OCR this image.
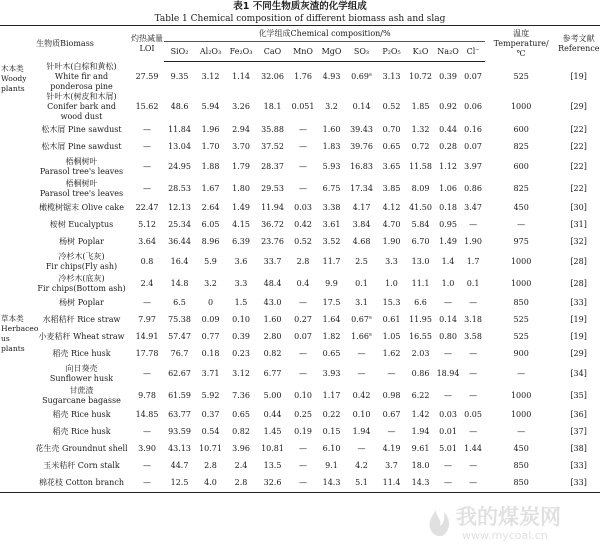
表1 不同生物质灰渣的化学组成
Table 1 Chemical composition of different biomass ash and slag
生物质Biomass		灼热减量
LOI	化学组成Chemical composition/%											温度
Temperature/
℃	参考文献
Reference

			SiO₂	Al₂O₃	Fe₂O₃	CaO	MnO	MgO	SO₃	P₂O₅	K₂O	Na₂O	Cl⁻		

木本类
Woody
plants	针叶木(白棕和黄松)
White fir and
ponderosa pine	27.59	9.35	3.12	1.14	32.06	1.76	4.93	0.69$^a$	3.13	10.72	0.39	0.07	525	[19]

	针叶木(树皮和木屑)
Conifer bark and
wood dust	15.62	48.6	5.94	3.26	18.1	0.051	3.2	0.14	0.52	1.85	0.92	0.06	1000	[29]

	松木屑 Pine sawdust	—	11.84	1.96	2.94	35.88	—	1.60	39.43	0.70	1.32	0.44	0.16	600	[22]

	松木屑 Pine sawdust	—	13.04	1.70	3.70	37.52	—	1.83	39.76	0.65	0.72	0.28	0.07	825	[22]

	梧桐树叶
Parasol tree's leaves	—	24.95	1.88	1.79	28.37	—	5.93	16.83	3.65	11.58	1.12	3.97	600	[22]

	梧桐树叶
Parasol tree's leaves	—	28.53	1.67	1.80	29.53	—	6.75	17.34	3.85	8.09	1.06	0.86	825	[22]

	橄榄树锯末 Olive cake	22.47	12.13	2.64	1.49	11.94	0.03	3.38	4.17	4.12	41.50	0.18	3.47	450	[30]

	桉树 Eucalyptus	5.12	25.34	6.05	4.15	36.72	0.42	3.61	3.84	4.70	5.84	0.95	—	—	[31]

	杨树 Poplar	3.64	36.44	8.96	6.39	23.76	0.52	3.52	4.68	1.90	6.70	1.49	1.90	975	[32]

	冷杉木(飞灰)
Fir chips(Fly ash)	0.8	16.4	5.9	3.6	33.7	2.8	11.7	2.5	3.3	13.0	1.4	1.7	1000	[28]

	冷杉木(底灰)
Fir chips(Bottom ash)	2.4	14.8	3.2	3.3	48.4	0.4	9.9	0.1	1.0	11.1	1.0	0.1	1000	[28]

	杨树 Poplar	—	6.5	0	1.5	43.0	—	17.5	3.1	15.3	6.6	—	—	850	[33]

草本类
Herbaceo
us plants	水稻秸秆 Rice straw	7.97	75.38	0.09	0.10	1.60	0.27	1.64	0.67$^a$	0.61	11.95	0.14	3.18	525	[19]

	小麦秸秆 Wheat straw	14.91	57.47	0.77	0.39	2.80	0.07	1.82	1.66$^a$	1.05	16.55	0.80	3.58	525	[19]

	稻壳 Rice husk	17.78	76.7	0.18	0.23	0.82	—	0.65	—	1.62	2.03	—	—	900	[29]

	向日葵壳
Sunflower husk	—	62.67	3.71	3.12	6.77	—	3.93	—	—	0.86	18.94	—	—	[34]

	甘蔗渣
Sugarcane bagasse	9.78	61.59	5.92	7.36	5.00	0.10	1.17	0.42	0.98	6.22	—	—	1000	[35]

	稻壳 Rice husk	14.85	63.77	0.37	0.65	0.44	0.25	0.22	0.10	0.67	1.42	0.03	0.05	1000	[36]

	稻壳 Rice husk	—	93.59	0.54	0.82	1.45	0.19	0.15	1.94	—	1.94	0.01	—	—	[37]

	花生壳 Groundnut shell	3.90	43.13	10.71	3.96	10.81	—	6.10	—	4.19	9.61	5.01	1.44	450	[38]

	玉米秸秆 Corn stalk	—	44.7	2.8	2.4	13.5	—	9.1	4.2	3.7	18.0	—	—	850	[33]

	棉花枝 Cotton branch	—	12.5	4.0	2.8	32.6	—	14.3	5.1	11.4	14.3	—	—	850	[33]
我的煤炭网
www.mycoal.cn
